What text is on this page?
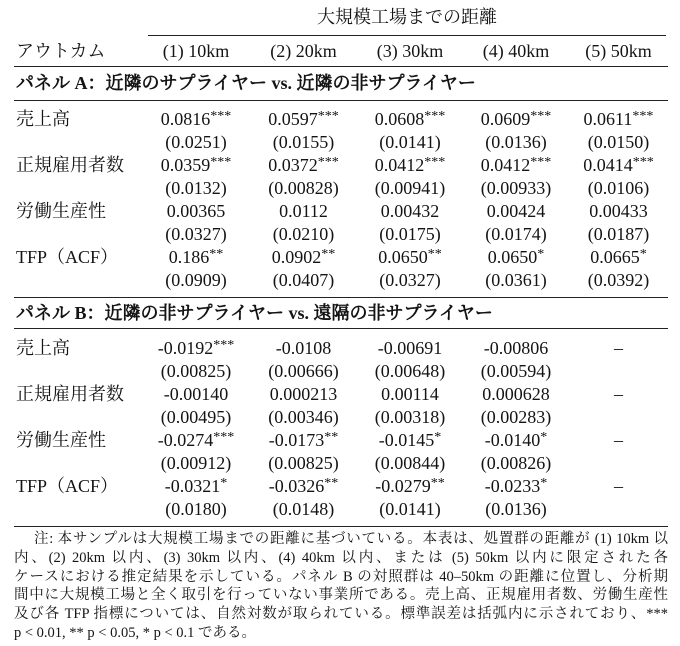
大規模工場までの距離
アウトカム	(1) 10km	(2) 20km	(3) 30km	(4) 40km	(5) 50km
パネル A：近隣のサプライヤー vs. 近隣の非サプライヤー
売上高	0.0816***	0.0597***	0.0608***	0.0609***	0.0611***
(0.0251)	(0.0155)	(0.0141)	(0.0136)	(0.0150)
正規雇用者数	0.0359***	0.0372***	0.0412***	0.0412***	0.0414***
(0.0132)	(0.00828)	(0.00941)	(0.00933)	(0.0106)
労働生産性	0.00365	0.0112	0.00432	0.00424	0.00433
(0.0327)	(0.0210)	(0.0175)	(0.0174)	(0.0187)
TFP（ACF）	0.186**	0.0902**	0.0650**	0.0650*	0.0665*
(0.0909)	(0.0407)	(0.0327)	(0.0361)	(0.0392)
パネル B：近隣の非サプライヤー vs. 遠隔の非サプライヤー
売上高	-0.0192***	-0.0108	-0.00691	-0.00806	–
(0.00825)	(0.00666)	(0.00648)	(0.00594)
正規雇用者数	-0.00140	0.000213	0.00114	0.000628	–
(0.00495)	(0.00346)	(0.00318)	(0.00283)
労働生産性	-0.0274***	-0.0173**	-0.0145*	-0.0140*	–
(0.00912)	(0.00825)	(0.00844)	(0.00826)
TFP（ACF）	-0.0321*	-0.0326**	-0.0279**	-0.0233*	–
(0.0180)	(0.0148)	(0.0141)	(0.0136)
注: 本サンプルは大規模工場までの距離に基づいている。本表は、処置群の距離が (1) 10km 以
内、(2) 20km 以内、(3) 30km 以内、(4) 40km 以内、または (5) 50km 以内に限定された各
ケースにおける推定結果を示している。パネル B の対照群は 40–50km の距離に位置し、分析期
間中に大規模工場と全く取引を行っていない事業所である。売上高、正規雇用者数、労働生産性
及び各 TFP 指標については、自然対数が取られている。標準誤差は括弧内に示されており、***
p < 0.01, ** p < 0.05, * p < 0.1 である。
